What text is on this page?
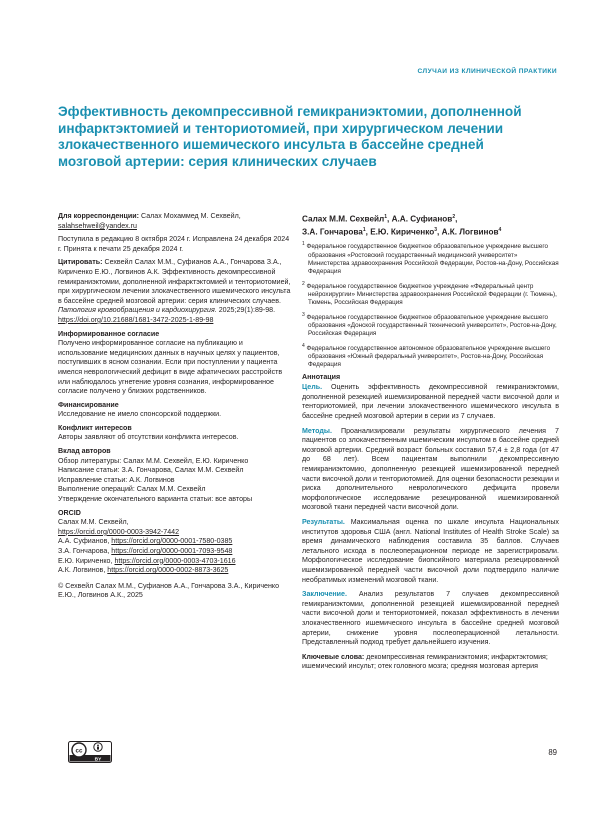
СЛУЧАИ ИЗ КЛИНИЧЕСКОЙ ПРАКТИКИ
Эффективность декомпрессивной гемикраниэктомии, дополненной инфарктэктомией и тенториотомией, при хирургическом лечении злокачественного ишемического инсульта в бассейне средней мозговой артерии: серия клинических случаев

Для корреспонденции: Салах Мохаммед М. Сехвейл,
salahsehweil@yandex.ru

Поступила в редакцию 8 октября 2024 г. Исправлена 24 декабря 2024 г. Принята к печати 25 декабря 2024 г.

Цитировать: Сехвейл Салах М.М., Суфианов А.А., Гончарова З.А., Кириченко Е.Ю., Логвинов А.К. Эффективность декомпрессивной гемикраниэктомии, дополненной инфарктэктомией и тенториотомией, при хирургическом лечении злокачественного ишемического инсульта в бассейне средней мозговой артерии: серия клинических случаев. Патология кровообращения и кардиохирургия. 2025;29(1):89-98. https://doi.org/10.21688/1681-3472-2025-1-89-98

Информированное согласие

Получено информированное согласие на публикацию и использование медицинских данных в научных целях у пациентов, поступивших в ясном сознании. Если при поступлении у пациента имелся неврологический дефицит в виде афатических расстройств или наблюдалось угнетение уровня сознания, информированное согласие получено у близких родственников.

Финансирование

Исследование не имело спонсорской поддержки.

Конфликт интересов

Авторы заявляют об отсутствии конфликта интересов.

Вклад авторов

Обзор литературы: Салах М.М. Сехвейл, Е.Ю. Кириченко
Написание статьи: З.А. Гончарова, Салах М.М. Сехвейл
Исправление статьи: А.К. Логвинов
Выполнение операций: Салах М.М. Сехвейл
Утверждение окончательного варианта статьи: все авторы

ORCID

Салах М.М. Сехвейл,
https://orcid.org/0000-0003-3942-7442
А.А. Суфианов, https://orcid.org/0000-0001-7580-0385
З.А. Гончарова, https://orcid.org/0000-0001-7093-9548
Е.Ю. Кириченко, https://orcid.org/0000-0003-4703-1616
А.К. Логвинов, https://orcid.org/0000-0002-8873-3625

© Сехвейл Салах М.М., Суфианов А.А., Гончарова З.А., Кириченко Е.Ю., Логвинов А.К., 2025

Салах М.М. Сехвейл$^1$, А.А. Суфианов$^2$,
З.А. Гончарова$^1$, Е.Ю. Кириченко$^3$, А.К. Логвинов$^4$

$^1$ Федеральное государственное бюджетное образовательное учреждение высшего образования «Ростовский государственный медицинский университет» Министерства здравоохранения Российской Федерации, Ростов-на-Дону, Российская Федерация

$^2$ Федеральное государственное бюджетное учреждение «Федеральный центр нейрохирургии» Министерства здравоохранения Российской Федерации (г. Тюмень), Тюмень, Российская Федерация

$^3$ Федеральное государственное бюджетное образовательное учреждение высшего образования «Донской государственный технический университет», Ростов-на-Дону, Российская Федерация

$^4$ Федеральное государственное автономное образовательное учреждение высшего образования «Южный федеральный университет», Ростов-на-Дону, Российская Федерация

Аннотация

Цель. Оценить эффективность декомпрессивной гемикраниэктомии, дополненной резекцией ишемизированной передней части височной доли и тенториотомией, при лечении злокачественного ишемического инсульта в бассейне средней мозговой артерии в серии из 7 случаев.

Методы. Проанализировали результаты хирургического лечения 7 пациентов со злокачественным ишемическим инсультом в бассейне средней мозговой артерии. Средний возраст больных составил 57,4 ± 2,8 года (от 47 до 68 лет). Всем пациентам выполнили декомпрессивную гемикраниэктомию, дополненную резекцией ишемизированной передней части височной доли и тенториотомией. Для оценки безопасности резекции и риска дополнительного неврологического дефицита провели морфологическое исследование резецированной ишемизированной мозговой ткани передней части височной доли.

Результаты. Максимальная оценка по шкале инсульта Национальных институтов здоровья США (англ. National Institutes of Health Stroke Scale) за время динамического наблюдения составила 35 баллов. Случаев летального исхода в послеоперационном периоде не зарегистрировали. Морфологическое исследование биопсийного материала резецированной ишемизированной передней части височной доли подтвердило наличие необратимых изменений мозговой ткани.

Заключение. Анализ результатов 7 случаев декомпрессивной гемикраниэктомии, дополненной резекцией ишемизированной передней части височной доли и тенториотомией, показал эффективность в лечении злокачественного ишемического инсульта в бассейне средней мозговой артерии, снижение уровня послеоперационной летальности. Представленный подход требует дальнейшего изучения.

Ключевые слова: декомпрессивная гемикраниэктомия; инфарктэктомия; ишемический инсульт; отек головного мозга; средняя мозговая артерия

cc
BY
89
